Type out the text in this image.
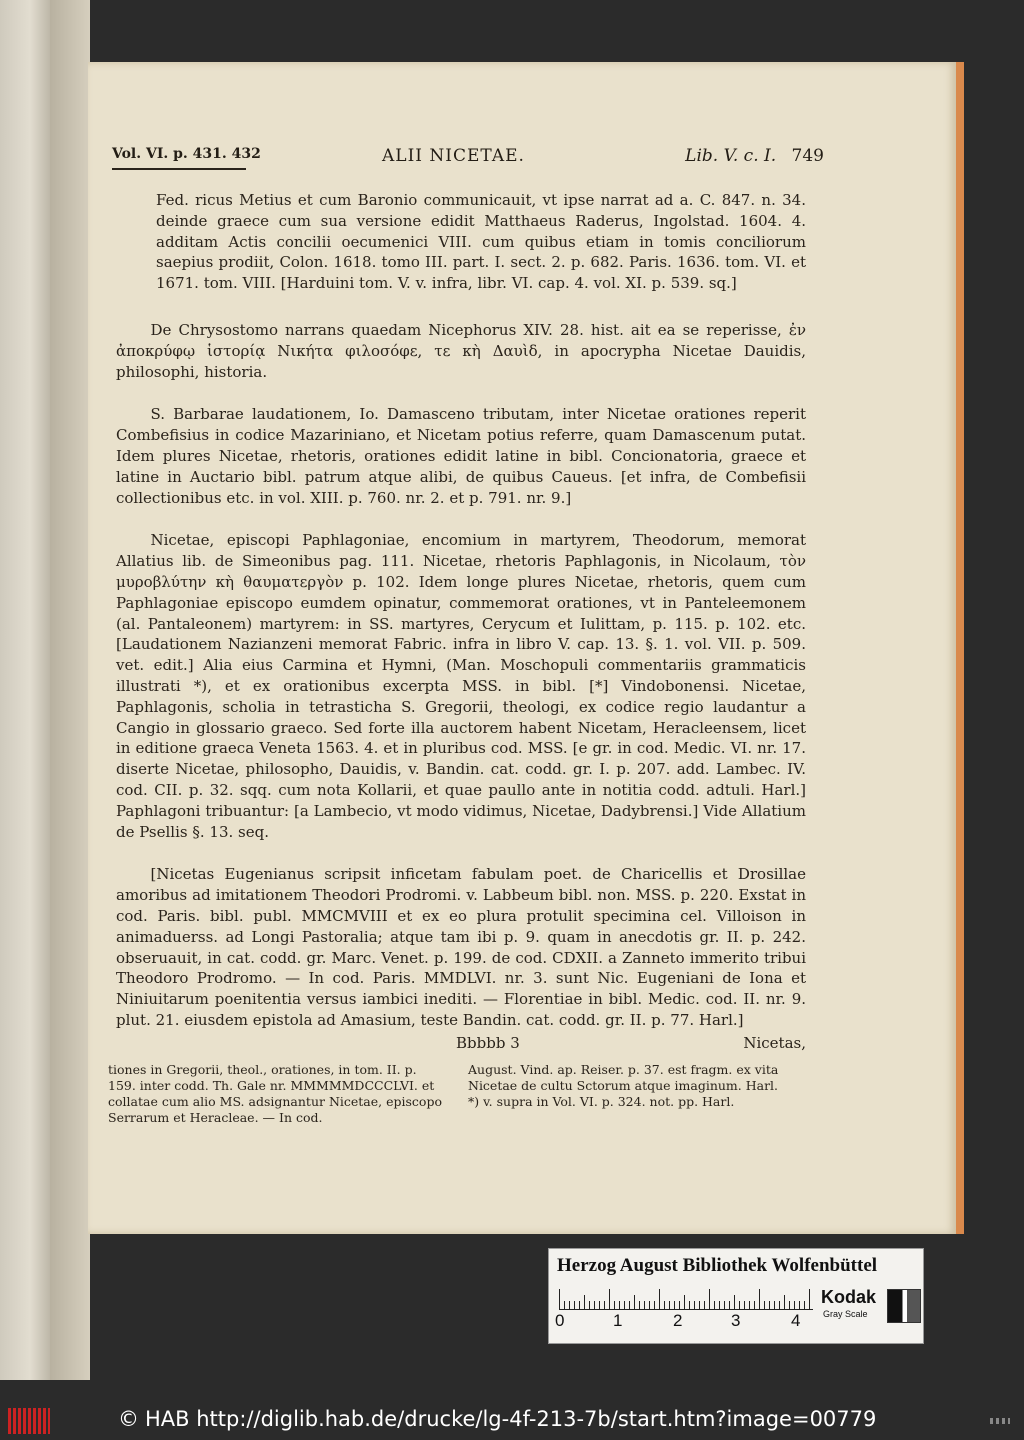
Vol. VI. p. 431. 432	ALII NICETAE.	Lib. V. c. I. 749

Fed. ricus Metius et cum Baronio communicauit, vt ipse narrat ad a. C. 847. n. 34. deinde graece cum sua versione edidit Matthaeus Raderus, Ingolstad. 1604. 4. additam Actis concilii oecumenici VIII. cum quibus etiam in tomis conciliorum saepius prodiit, Colon. 1618. tomo III. part. I. sect. 2. p. 682. Paris. 1636. tom. VI. et 1671. tom. VIII. [Harduini tom. V. v. infra, libr. VI. cap. 4. vol. XI. p. 539. sq.]

De Chrysostomo narrans quaedam Nicephorus XIV. 28. hist. ait ea se reperisse, ἐν ἀποκρύφῳ ἱστορίᾳ Νικήτα φιλοσόφε, τε κὴ Δαυὶδ, in apocrypha Nicetae Dauidis, philosophi, historia.

S. Barbarae laudationem, Io. Damasceno tributam, inter Nicetae orationes reperit Combefisius in codice Mazariniano, et Nicetam potius referre, quam Damascenum putat. Idem plures Nicetae, rhetoris, orationes edidit latine in bibl. Concionatoria, graece et latine in Auctario bibl. patrum atque alibi, de quibus Caueus. [et infra, de Combefisii collectionibus etc. in vol. XIII. p. 760. nr. 2. et p. 791. nr. 9.]

Nicetae, episcopi Paphlagoniae, encomium in martyrem, Theodorum, memorat Allatius lib. de Simeonibus pag. 111. Nicetae, rhetoris Paphlagonis, in Nicolaum, τὸν μυροβλύτην κὴ θαυματεργὸν p. 102. Idem longe plures Nicetae, rhetoris, quem cum Paphlagoniae episcopo eumdem opinatur, commemorat orationes, vt in Panteleemonem (al. Pantaleonem) martyrem: in SS. martyres, Cerycum et Iulittam, p. 115. p. 102. etc. [Laudationem Nazianzeni memorat Fabric. infra in libro V. cap. 13. §. 1. vol. VII. p. 509. vet. edit.] Alia eius Carmina et Hymni, (Man. Moschopuli commentariis grammaticis illustrati *), et ex orationibus excerpta MSS. in bibl. [*] Vindobonensi. Nicetae, Paphlagonis, scholia in tetrasticha S. Gregorii, theologi, ex codice regio laudantur a Cangio in glossario graeco. Sed forte illa auctorem habent Nicetam, Heracleensem, licet in editione graeca Veneta 1563. 4. et in pluribus cod. MSS. [e gr. in cod. Medic. VI. nr. 17. diserte Nicetae, philosopho, Dauidis, v. Bandin. cat. codd. gr. I. p. 207. add. Lambec. IV. cod. CII. p. 32. sqq. cum nota Kollarii, et quae paullo ante in notitia codd. adtuli. Harl.] Paphlagoni tribuantur: [a Lambecio, vt modo vidimus, Nicetae, Dadybrensi.] Vide Allatium de Psellis §. 13. seq.

[Nicetas Eugenianus scripsit inficetam fabulam poet. de Charicellis et Drosillae amoribus ad imitationem Theodori Prodromi. v. Labbeum bibl. non. MSS. p. 220. Exstat in cod. Paris. bibl. publ. MMCMVIII et ex eo plura protulit specimina cel. Villoison in animaduerss. ad Longi Pastoralia; atque tam ibi p. 9. quam in anecdotis gr. II. p. 242. obseruauit, in cat. codd. gr. Marc. Venet. p. 199. de cod. CDXII. a Zanneto immerito tribui Theodoro Prodromo. — In cod. Paris. MMDLVI. nr. 3. sunt Nic. Eugeniani de Iona et Niniuitarum poenitentia versus iambici inediti. — Florentiae in bibl. Medic. cod. II. nr. 9. plut. 21. eiusdem epistola ad Amasium, teste Bandin. cat. codd. gr. II. p. 77. Harl.]

Bbbbb 3	Nicetas,

tiones in Gregorii, theol., orationes, in tom. II. p. 159. inter codd. Th. Gale nr. MMMMMDCCCLVI. et collatae cum alio MS. adsignantur Nicetae, episcopo Serrarum et Heracleae. — In cod.

August. Vind. ap. Reiser. p. 37. est fragm. ex vita Nicetae de cultu Sctorum atque imaginum. Harl.

*) v. supra in Vol. VI. p. 324. not. pp. Harl.

Herzog August Bibliothek Wolfenbüttel
0	1	2	3	4
Kodak
Gray Scale
© HAB http://diglib.hab.de/drucke/lg-4f-213-7b/start.htm?image=00779
